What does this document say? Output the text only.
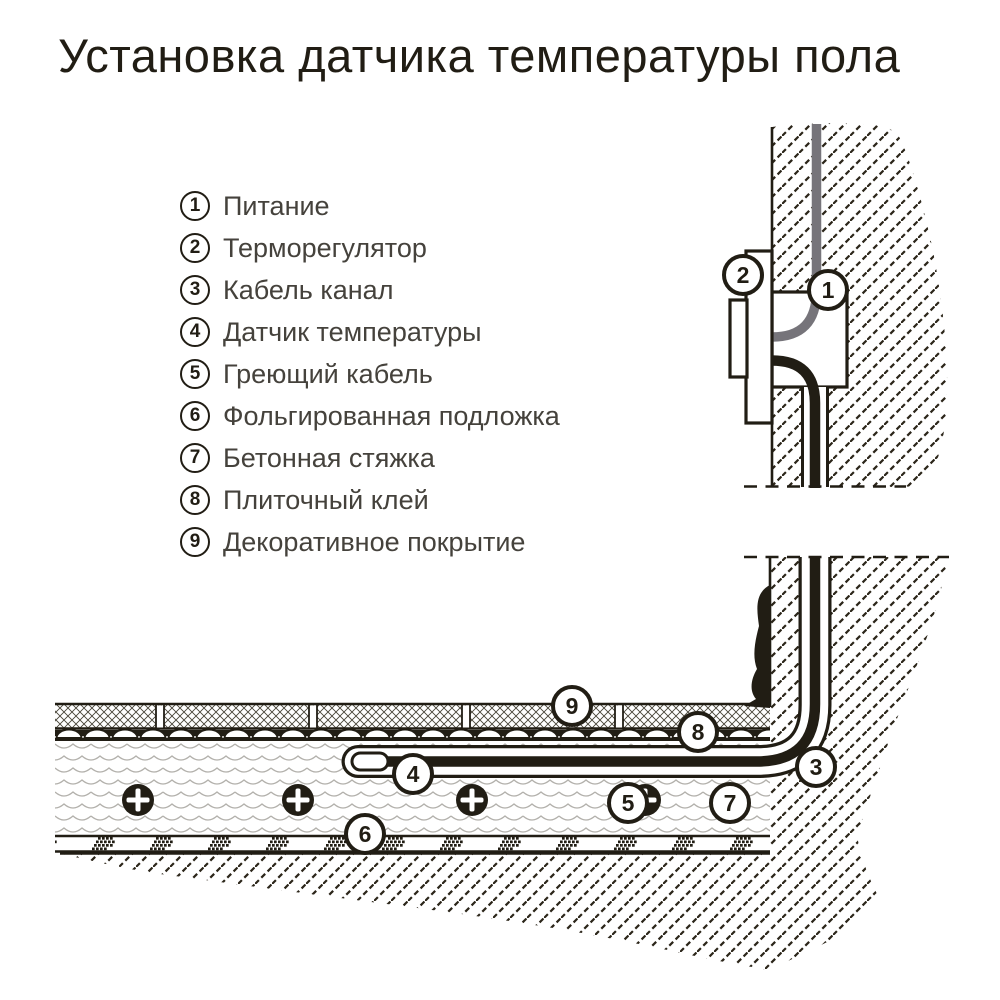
Установка датчика температуры пола
1 Питание
2 Терморегулятор
3 Кабель канал
4 Датчик температуры
5 Греющий кабель
6 Фольгированная подложка
7 Бетонная стяжка
8 Плиточный клей
9 Декоративное покрытие
1
2
3
4
5
6
7
8
9
